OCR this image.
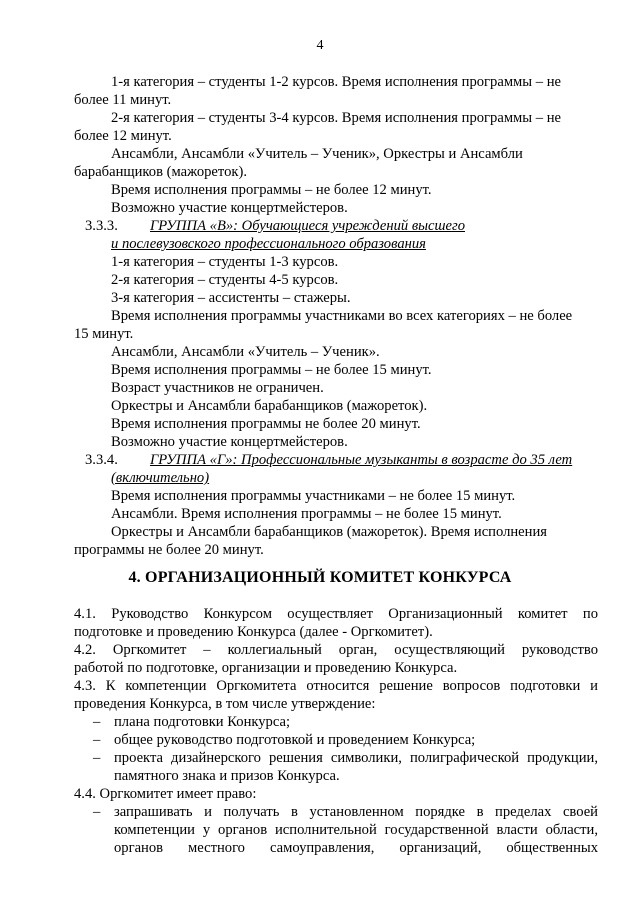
4
1-я категория – студенты 1-2 курсов. Время исполнения программы – не
более 11 минут.
2-я категория – студенты 3-4 курсов. Время исполнения программы – не
более 12 минут.
Ансамбли, Ансамбли «Учитель – Ученик», Оркестры и Ансамбли
барабанщиков (мажореток).
Время исполнения программы – не более 12 минут.
Возможно участие концертмейстеров.
3.3.3. ГРУППА «В»: Обучающиеся учреждений высшего
и послевузовского профессионального образования
1-я категория – студенты 1-3 курсов.
2-я категория – студенты 4-5 курсов.
3-я категория – ассистенты – стажеры.
Время исполнения программы участниками во всех категориях – не более
15 минут.
Ансамбли, Ансамбли «Учитель – Ученик».
Время исполнения программы – не более 15 минут.
Возраст участников не ограничен.
Оркестры и Ансамбли барабанщиков (мажореток).
Время исполнения программы не более 20 минут.
Возможно участие концертмейстеров.
3.3.4. ГРУППА «Г»: Профессиональные музыканты в возрасте до 35 лет
(включительно)
Время исполнения программы участниками – не более 15 минут.
Ансамбли. Время исполнения программы – не более 15 минут.
Оркестры и Ансамбли барабанщиков (мажореток). Время исполнения
программы не более 20 минут.
4. ОРГАНИЗАЦИОННЫЙ КОМИТЕТ КОНКУРСА
4.1. Руководство Конкурсом осуществляет Организационный комитет по
подготовке и проведению Конкурса (далее - Оргкомитет).
4.2. Оргкомитет – коллегиальный орган, осуществляющий руководство
работой по подготовке, организации и проведению Конкурса.
4.3. К компетенции Оргкомитета относится решение вопросов подготовки и
проведения Конкурса, в том числе утверждение:
– плана подготовки Конкурса;
– общее руководство подготовкой и проведением Конкурса;
– проекта дизайнерского решения символики, полиграфической продукции,
памятного знака и призов Конкурса.
4.4. Оргкомитет имеет право:
– запрашивать и получать в установленном порядке в пределах своей
компетенции у органов исполнительной государственной власти области,
органов местного самоуправления, организаций, общественных
